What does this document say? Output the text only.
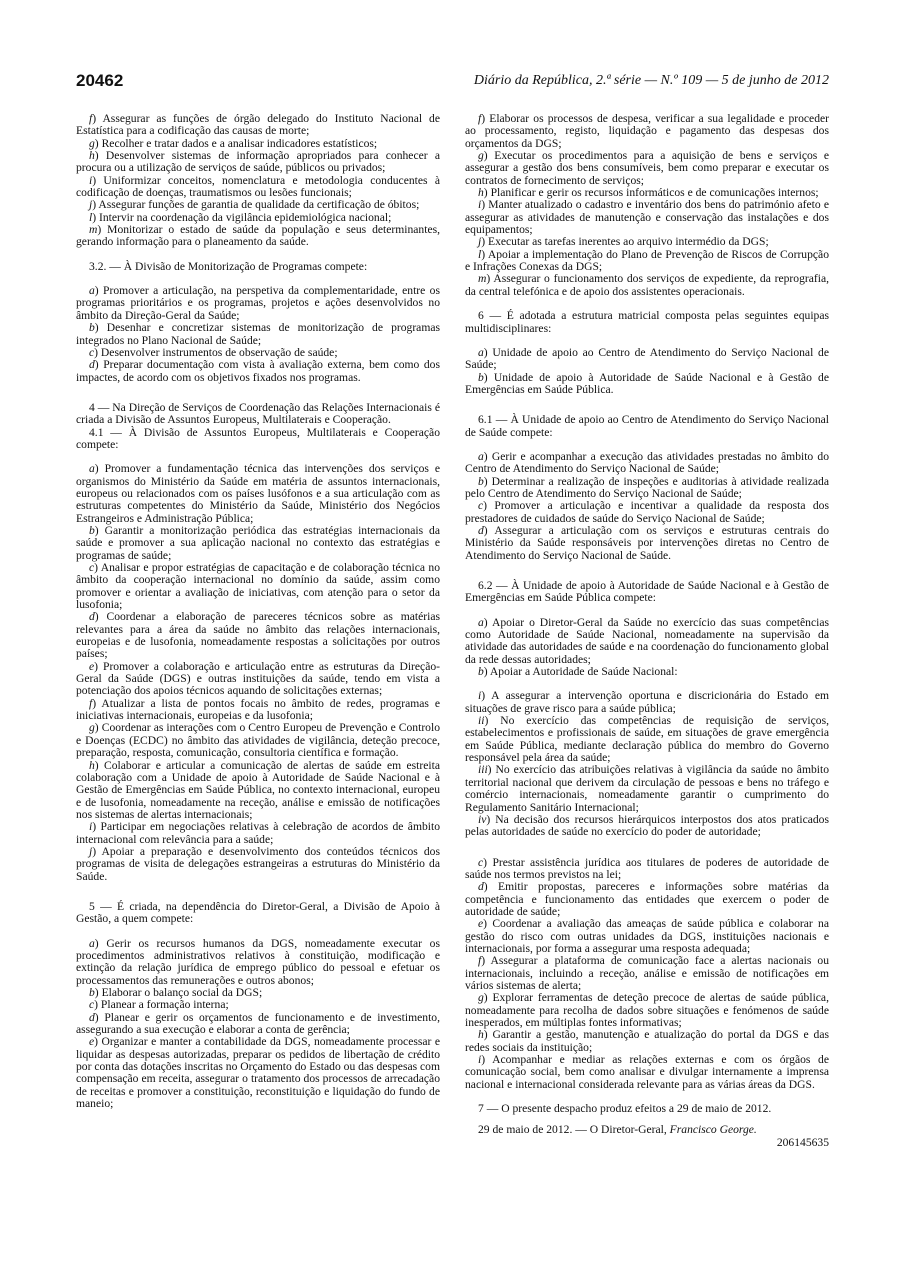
20462	Diário da República, 2.ª série — N.º 109 — 5 de junho de 2012

f) Assegurar as funções de órgão delegado do Instituto Nacional de Estatística para a codificação das causas de morte;

g) Recolher e tratar dados e a analisar indicadores estatísticos;

h) Desenvolver sistemas de informação apropriados para conhecer a procura ou a utilização de serviços de saúde, públicos ou privados;

i) Uniformizar conceitos, nomenclatura e metodologia conducentes à codificação de doenças, traumatismos ou lesões funcionais;

j) Assegurar funções de garantia de qualidade da certificação de óbitos;

l) Intervir na coordenação da vigilância epidemiológica nacional;

m) Monitorizar o estado de saúde da população e seus determinantes, gerando informação para o planeamento da saúde.

3.2. — À Divisão de Monitorização de Programas compete:

a) Promover a articulação, na perspetiva da complementaridade, entre os programas prioritários e os programas, projetos e ações desenvolvidos no âmbito da Direção-Geral da Saúde;

b) Desenhar e concretizar sistemas de monitorização de programas integrados no Plano Nacional de Saúde;

c) Desenvolver instrumentos de observação de saúde;

d) Preparar documentação com vista à avaliação externa, bem como dos impactes, de acordo com os objetivos fixados nos programas.

4 — Na Direção de Serviços de Coordenação das Relações Internacionais é criada a Divisão de Assuntos Europeus, Multilaterais e Cooperação.

4.1 — À Divisão de Assuntos Europeus, Multilaterais e Cooperação compete:

a) Promover a fundamentação técnica das intervenções dos serviços e organismos do Ministério da Saúde em matéria de assuntos internacionais, europeus ou relacionados com os países lusófonos e a sua articulação com as estruturas competentes do Ministério da Saúde, Ministério dos Negócios Estrangeiros e Administração Pública;

b) Garantir a monitorização periódica das estratégias internacionais da saúde e promover a sua aplicação nacional no contexto das estratégias e programas de saúde;

c) Analisar e propor estratégias de capacitação e de colaboração técnica no âmbito da cooperação internacional no domínio da saúde, assim como promover e orientar a avaliação de iniciativas, com atenção para o setor da lusofonia;

d) Coordenar a elaboração de pareceres técnicos sobre as matérias relevantes para a área da saúde no âmbito das relações internacionais, europeias e de lusofonia, nomeadamente respostas a solicitações por outros países;

e) Promover a colaboração e articulação entre as estruturas da Direção-Geral da Saúde (DGS) e outras instituições da saúde, tendo em vista a potenciação dos apoios técnicos aquando de solicitações externas;

f) Atualizar a lista de pontos focais no âmbito de redes, programas e iniciativas internacionais, europeias e da lusofonia;

g) Coordenar as interações com o Centro Europeu de Prevenção e Controlo e Doenças (ECDC) no âmbito das atividades de vigilância, deteção precoce, preparação, resposta, comunicação, consultoria científica e formação.

h) Colaborar e articular a comunicação de alertas de saúde em estreita colaboração com a Unidade de apoio à Autoridade de Saúde Nacional e à Gestão de Emergências em Saúde Pública, no contexto internacional, europeu e de lusofonia, nomeadamente na receção, análise e emissão de notificações nos sistemas de alertas internacionais;

i) Participar em negociações relativas à celebração de acordos de âmbito internacional com relevância para a saúde;

j) Apoiar a preparação e desenvolvimento dos conteúdos técnicos dos programas de visita de delegações estrangeiras a estruturas do Ministério da Saúde.

5 — É criada, na dependência do Diretor-Geral, a Divisão de Apoio à Gestão, a quem compete:

a) Gerir os recursos humanos da DGS, nomeadamente executar os procedimentos administrativos relativos à constituição, modificação e extinção da relação jurídica de emprego público do pessoal e efetuar os processamentos das remunerações e outros abonos;

b) Elaborar o balanço social da DGS;

c) Planear a formação interna;

d) Planear e gerir os orçamentos de funcionamento e de investimento, assegurando a sua execução e elaborar a conta de gerência;

e) Organizar e manter a contabilidade da DGS, nomeadamente processar e liquidar as despesas autorizadas, preparar os pedidos de libertação de crédito por conta das dotações inscritas no Orçamento do Estado ou das despesas com compensação em receita, assegurar o tratamento dos processos de arrecadação de receitas e promover a constituição, reconstituição e liquidação do fundo de maneio;

f) Elaborar os processos de despesa, verificar a sua legalidade e proceder ao processamento, registo, liquidação e pagamento das despesas dos orçamentos da DGS;

g) Executar os procedimentos para a aquisição de bens e serviços e assegurar a gestão dos bens consumíveis, bem como preparar e executar os contratos de fornecimento de serviços;

h) Planificar e gerir os recursos informáticos e de comunicações internos;

i) Manter atualizado o cadastro e inventário dos bens do património afeto e assegurar as atividades de manutenção e conservação das instalações e dos equipamentos;

j) Executar as tarefas inerentes ao arquivo intermédio da DGS;

l) Apoiar a implementação do Plano de Prevenção de Riscos de Corrupção e Infrações Conexas da DGS;

m) Assegurar o funcionamento dos serviços de expediente, da reprografia, da central telefónica e de apoio dos assistentes operacionais.

6 — É adotada a estrutura matricial composta pelas seguintes equipas multidisciplinares:

a) Unidade de apoio ao Centro de Atendimento do Serviço Nacional de Saúde;

b) Unidade de apoio à Autoridade de Saúde Nacional e à Gestão de Emergências em Saúde Pública.

6.1 — À Unidade de apoio ao Centro de Atendimento do Serviço Nacional de Saúde compete:

a) Gerir e acompanhar a execução das atividades prestadas no âmbito do Centro de Atendimento do Serviço Nacional de Saúde;

b) Determinar a realização de inspeções e auditorias à atividade realizada pelo Centro de Atendimento do Serviço Nacional de Saúde;

c) Promover a articulação e incentivar a qualidade da resposta dos prestadores de cuidados de saúde do Serviço Nacional de Saúde;

d) Assegurar a articulação com os serviços e estruturas centrais do Ministério da Saúde responsáveis por intervenções diretas no Centro de Atendimento do Serviço Nacional de Saúde.

6.2 — À Unidade de apoio à Autoridade de Saúde Nacional e à Gestão de Emergências em Saúde Pública compete:

a) Apoiar o Diretor-Geral da Saúde no exercício das suas competências como Autoridade de Saúde Nacional, nomeadamente na supervisão da atividade das autoridades de saúde e na coordenação do funcionamento global da rede dessas autoridades;

b) Apoiar a Autoridade de Saúde Nacional:

i) A assegurar a intervenção oportuna e discricionária do Estado em situações de grave risco para a saúde pública;

ii) No exercício das competências de requisição de serviços, estabelecimentos e profissionais de saúde, em situações de grave emergência em Saúde Pública, mediante declaração pública do membro do Governo responsável pela área da saúde;

iii) No exercício das atribuições relativas à vigilância da saúde no âmbito territorial nacional que derivem da circulação de pessoas e bens no tráfego e comércio internacionais, nomeadamente garantir o cumprimento do Regulamento Sanitário Internacional;

iv) Na decisão dos recursos hierárquicos interpostos dos atos praticados pelas autoridades de saúde no exercício do poder de autoridade;

c) Prestar assistência jurídica aos titulares de poderes de autoridade de saúde nos termos previstos na lei;

d) Emitir propostas, pareceres e informações sobre matérias da competência e funcionamento das entidades que exercem o poder de autoridade de saúde;

e) Coordenar a avaliação das ameaças de saúde pública e colaborar na gestão do risco com outras unidades da DGS, instituições nacionais e internacionais, por forma a assegurar uma resposta adequada;

f) Assegurar a plataforma de comunicação face a alertas nacionais ou internacionais, incluindo a receção, análise e emissão de notificações em vários sistemas de alerta;

g) Explorar ferramentas de deteção precoce de alertas de saúde pública, nomeadamente para recolha de dados sobre situações e fenómenos de saúde inesperados, em múltiplas fontes informativas;

h) Garantir a gestão, manutenção e atualização do portal da DGS e das redes sociais da instituição;

i) Acompanhar e mediar as relações externas e com os órgãos de comunicação social, bem como analisar e divulgar internamente a imprensa nacional e internacional considerada relevante para as várias áreas da DGS.

7 — O presente despacho produz efeitos a 29 de maio de 2012.

29 de maio de 2012. — O Diretor-Geral, Francisco George.

206145635
